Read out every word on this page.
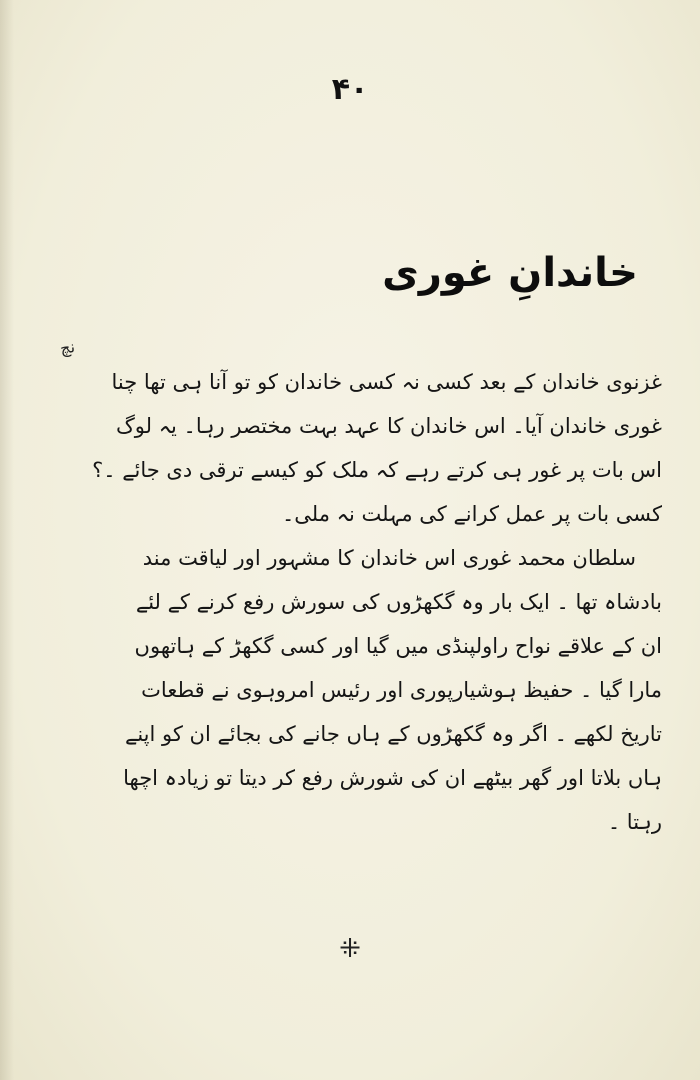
۴۰
خاندانِ غوری
نچ
غزنوی خاندان کے بعد کسی نہ کسی خاندان کو تو آنا ہی تھا چنا
غوری خاندان آیا۔ اس خاندان کا عہد بہت مختصر رہا۔ یہ لوگ
اس بات پر غور ہی کرتے رہے کہ ملک کو کیسے ترقی دی جائے ۔؟
کسی بات پر عمل کرانے کی مہلت نہ ملی۔
سلطان محمد غوری اس خاندان کا مشہور اور لیاقت مند
بادشاہ تھا ۔ ایک بار وہ گکھڑوں کی سورش رفع کرنے کے لئے
ان کے علاقے نواح راولپنڈی میں گیا اور کسی گکھڑ کے ہاتھوں
مارا گیا ۔ حفیظ ہوشیارپوری اور رئیس امروہوی نے قطعات
تاریخ لکھے ۔ اگر وہ گکھڑوں کے ہاں جانے کی بجائے ان کو اپنے
ہاں بلاتا اور گھر بیٹھے ان کی شورش رفع کر دیتا تو زیادہ اچھا
رہتا ۔
⁜
